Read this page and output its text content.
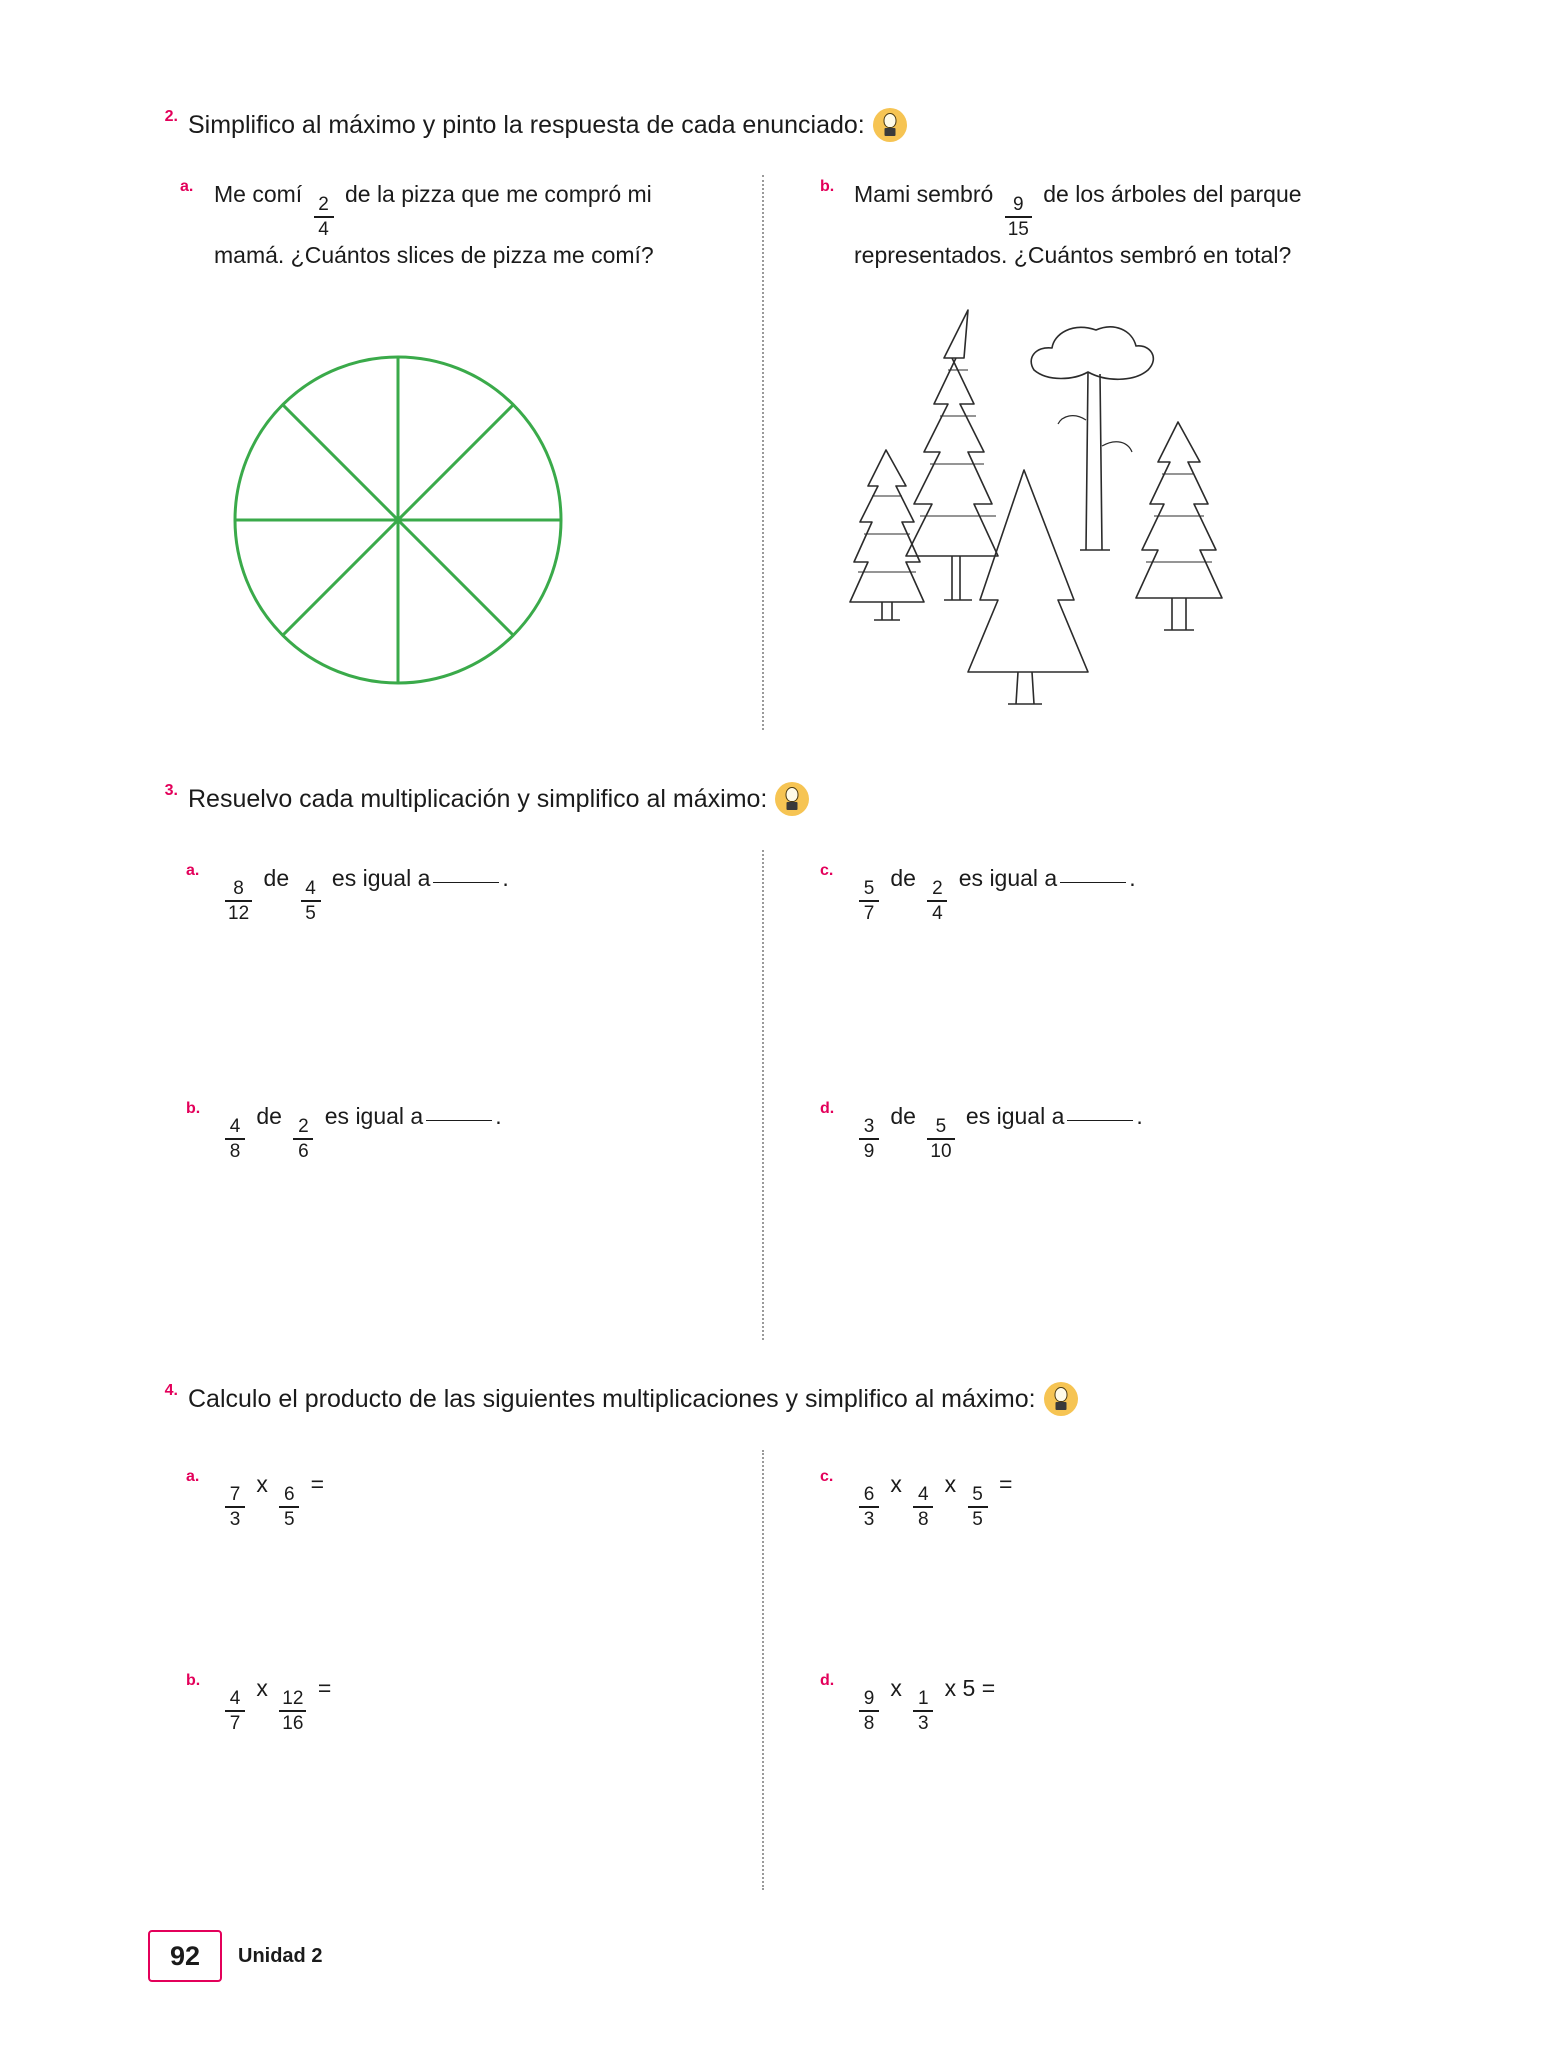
2. Simplifico al máximo y pinto la respuesta de cada enunciado:
a. Me comí
$\frac{2}{4}$
de la pizza que me compró mi mamá. ¿Cuántos slices de pizza me comí?
b. Mami sembró
$\frac{9}{15}$
de los árboles del parque representados. ¿Cuántos sembró en total?
3. Resuelvo cada multiplicación y simplifico al máximo:
a.
$\frac{8}{12}$
de
$\frac{4}{5}$
es igual a	.	c.
$\frac{5}{7}$
de
$\frac{2}{4}$
es igual a	.
b.
$\frac{4}{8}$
de
$\frac{2}{6}$
es igual a	.	d.
$\frac{3}{9}$
de
$\frac{5}{10}$
es igual a	.
4. Calculo el producto de las siguientes multiplicaciones y simplifico al máximo:
a.
$\frac{7}{3}$
x
$\frac{6}{5}$
=	c.
$\frac{6}{3}$
x
$\frac{4}{8}$
x
$\frac{5}{5}$
=
b.
$\frac{4}{7}$
x
$\frac{12}{16}$
=	d.
$\frac{9}{8}$
x
$\frac{1}{3}$
x 5 =
92	Unidad 2
